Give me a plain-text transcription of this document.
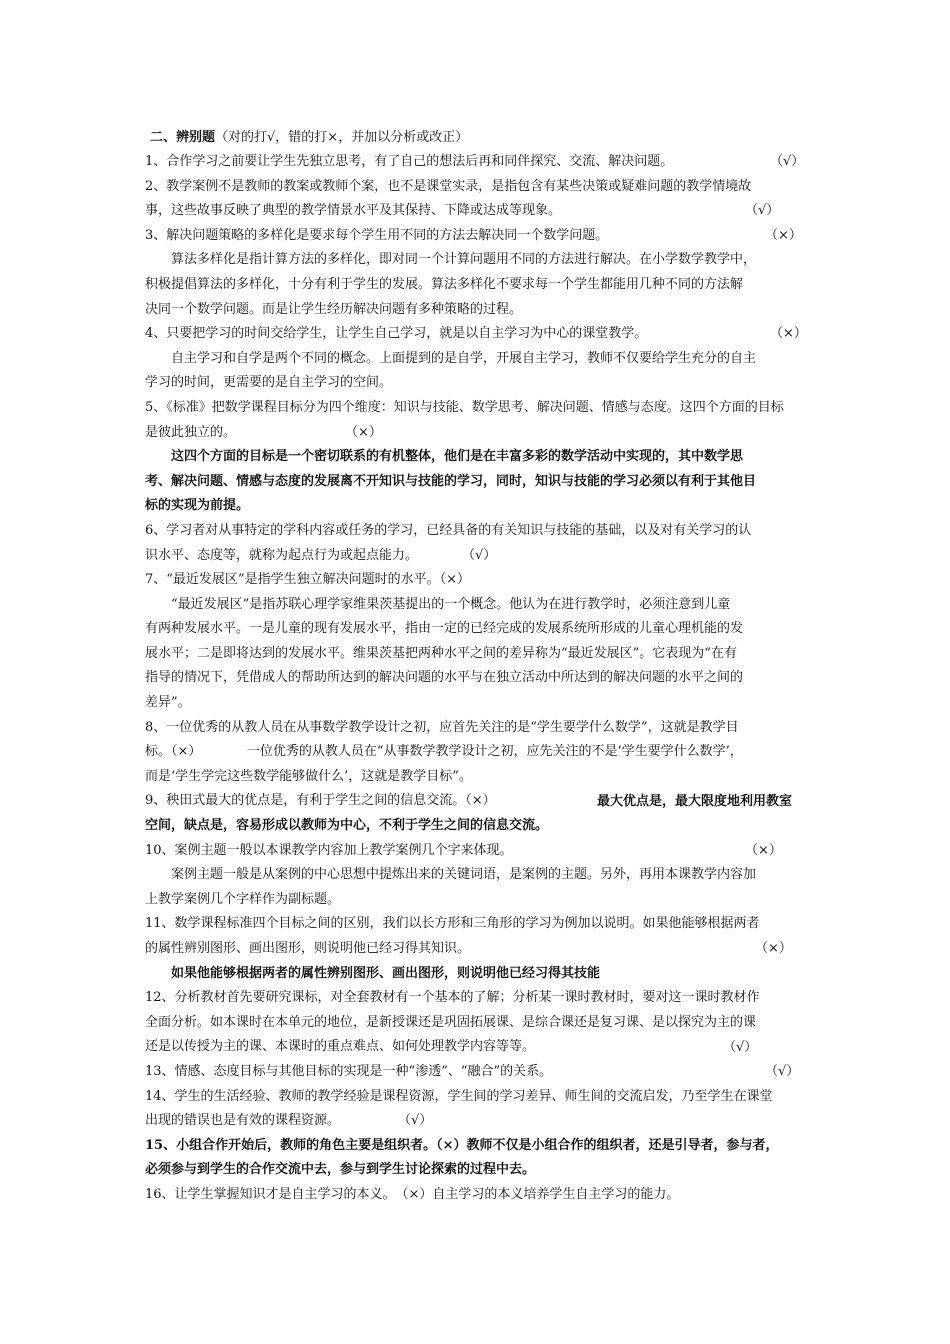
二、辨别题（对的打√，错的打×，并加以分析或改正）
1、合作学习之前要让学生先独立思考，有了自己的想法后再和同伴探究、交流、解决问题。
2、教学案例不是教师的教案或教师个案，也不是课堂实录，是指包含有某些决策或疑难问题的教学情境故
事，这些故事反映了典型的教学情景水平及其保持、下降或达成等现象。
3、解决问题策略的多样化是要求每个学生用不同的方法去解决同一个数学问题。
　　算法多样化是指计算方法的多样化，即对同一个计算问题用不同的方法进行解决。在小学数学教学中，
积极提倡算法的多样化，十分有利于学生的发展。算法多样化不要求每一个学生都能用几种不同的方法解
决同一个数学问题。而是让学生经历解决问题有多种策略的过程。
4、只要把学习的时间交给学生，让学生自己学习，就是以自主学习为中心的课堂教学。
　　自主学习和自学是两个不同的概念。上面提到的是自学，开展自主学习，教师不仅要给学生充分的自主
学习的时间，更需要的是自主学习的空间。
5、《标准》把数学课程目标分为四个维度：知识与技能、数学思考、解决问题、情感与态度。这四个方面的目标
是彼此独立的。
　　这四个方面的目标是一个密切联系的有机整体，他们是在丰富多彩的数学活动中实现的，其中数学思
考、解决问题、情感与态度的发展离不开知识与技能的学习，同时，知识与技能的学习必须以有利于其他目
标的实现为前提。
6、学习者对从事特定的学科内容或任务的学习，已经具备的有关知识与技能的基础，以及对有关学习的认
识水平、态度等，就称为起点行为或起点能力。
7、“最近发展区”是指学生独立解决问题时的水平。（×）
　　“最近发展区”是指苏联心理学家维果茨基提出的一个概念。他认为在进行教学时，必须注意到儿童
有两种发展水平。一是儿童的现有发展水平，指由一定的已经完成的发展系统所形成的儿童心理机能的发
展水平；二是即将达到的发展水平。维果茨基把两种水平之间的差异称为“最近发展区”。它表现为“在有
指导的情况下，凭借成人的帮助所达到的解决问题的水平与在独立活动中所达到的解决问题的水平之间的
差异”。
8、一位优秀的从教人员在从事数学教学设计之初，应首先关注的是“学生要学什么数学”，这就是教学目
标。（×）　　　　一位优秀的从教人员在“从事数学教学设计之初，应先关注的不是‘学生要学什么数学’，
而是‘学生学完这些数学能够做什么’，这就是教学目标”。
9、秧田式最大的优点是，有利于学生之间的信息交流。（×）
空间，缺点是，容易形成以教师为中心，不利于学生之间的信息交流。
10、案例主题一般以本课教学内容加上教学案例几个字来体现。
　　案例主题一般是从案例的中心思想中提炼出来的关键词语，是案例的主题。另外，再用本课教学内容加
上教学案例几个字样作为副标题。
11、数学课程标准四个目标之间的区别，我们以长方形和三角形的学习为例加以说明。如果他能够根据两者
的属性辨别图形、画出图形，则说明他已经习得其知识。
　　如果他能够根据两者的属性辨别图形、画出图形，则说明他已经习得其技能
12、分析教材首先要研究课标，对全套教材有一个基本的了解；分析某一课时教材时，要对这一课时教材作
全面分析。如本课时在本单元的地位，是新授课还是巩固拓展课、是综合课还是复习课、是以探究为主的课
还是以传授为主的课、本课时的重点难点、如何处理教学内容等等。
13、情感、态度目标与其他目标的实现是一种“渗透”、“融合”的关系。
14、学生的生活经验、教师的教学经验是课程资源，学生间的学习差异、师生间的交流启发，乃至学生在课堂
出现的错误也是有效的课程资源。
15、小组合作开始后，教师的角色主要是组织者。（×）教师不仅是小组合作的组织者，还是引导者，参与者，
必须参与到学生的合作交流中去，参与到学生讨论探索的过程中去。
16、让学生掌握知识才是自主学习的本义。　（×）自主学习的本义培养学生自主学习的能力。
（√）
（√）
（×）
（×）
（×）
（√）
最大优点是，最大限度地利用教室
（×）
（×）
（√）
（√）
（√）
